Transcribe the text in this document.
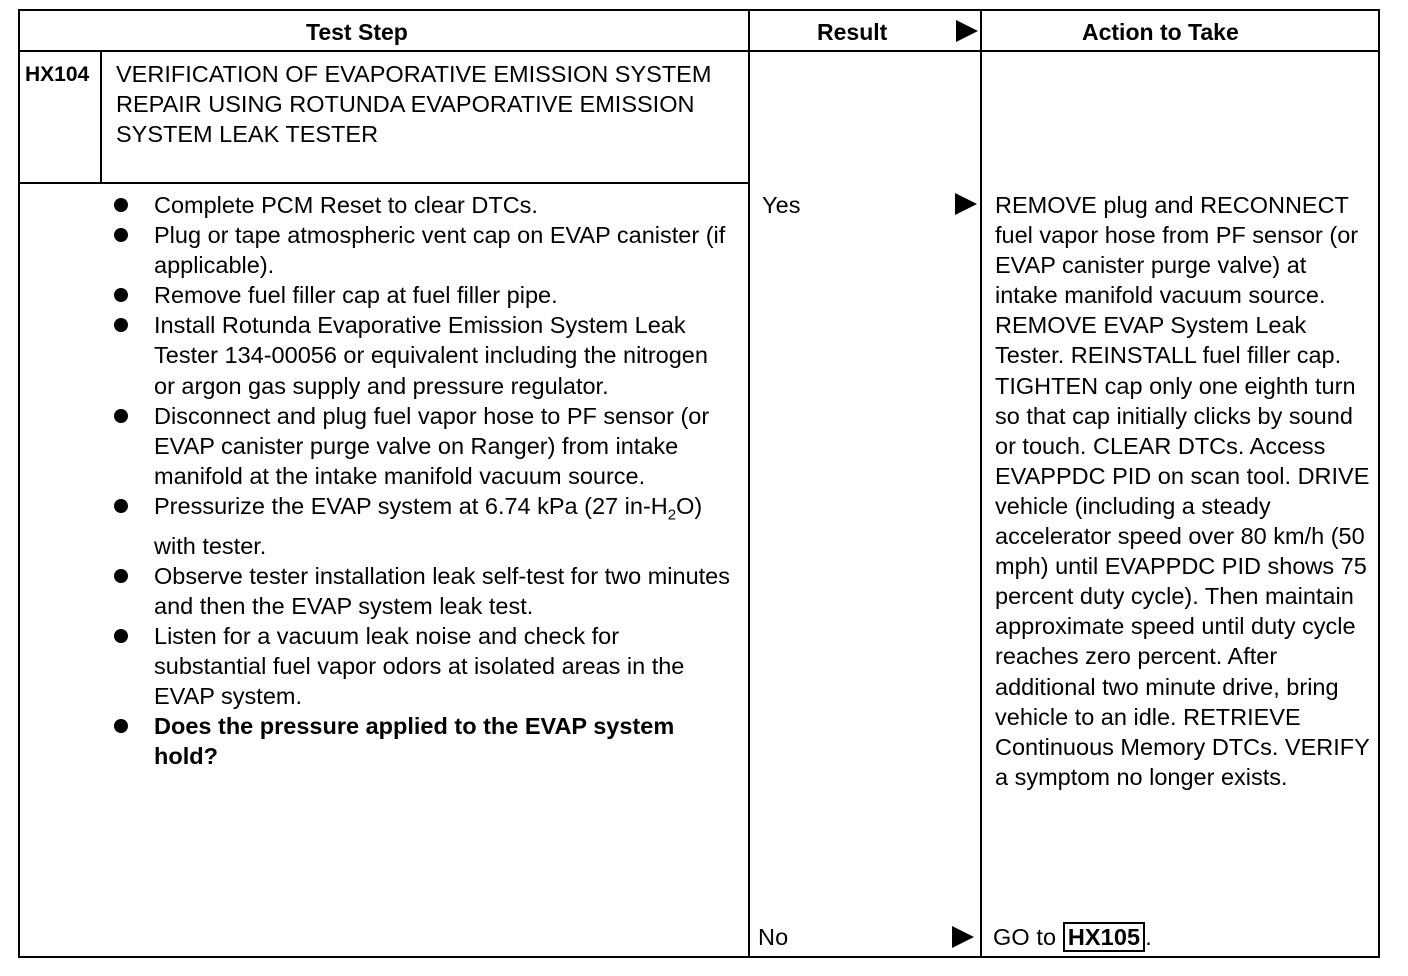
Test Step	Result	Action to Take
HX104 VERIFICATION OF EVAPORATIVE EMISSION SYSTEM REPAIR USING ROTUNDA EVAPORATIVE EMISSION SYSTEM LEAK TESTER
Complete PCM Reset to clear DTCs.
Plug or tape atmospheric vent cap on EVAP canister (if applicable).
Remove fuel filler cap at fuel filler pipe.
Install Rotunda Evaporative Emission System Leak Tester 134-00056 or equivalent including the nitrogen or argon gas supply and pressure regulator.
Disconnect and plug fuel vapor hose to PF sensor (or EVAP canister purge valve on Ranger) from intake manifold at the intake manifold vacuum source.
Pressurize the EVAP system at 6.74 kPa (27 $in-H_2O$) with tester.
Observe tester installation leak self-test for two minutes and then the EVAP system leak test.
Listen for a vacuum leak noise and check for substantial fuel vapor odors at isolated areas in the EVAP system.
Does the pressure applied to the EVAP system hold?
Yes	REMOVE plug and RECONNECT fuel vapor hose from PF sensor (or EVAP canister purge valve) at intake manifold vacuum source. REMOVE EVAP System Leak Tester. REINSTALL fuel filler cap. TIGHTEN cap only one eighth turn so that cap initially clicks by sound or touch. CLEAR DTCs. Access EVAPPDC PID on scan tool. DRIVE vehicle (including a steady accelerator speed over 80 km/h (50 mph) until EVAPPDC PID shows 75 percent duty cycle). Then maintain approximate speed until duty cycle reaches zero percent. After additional two minute drive, bring vehicle to an idle. RETRIEVE Continuous Memory DTCs. VERIFY a symptom no longer exists.
No	GO to HX105 .
